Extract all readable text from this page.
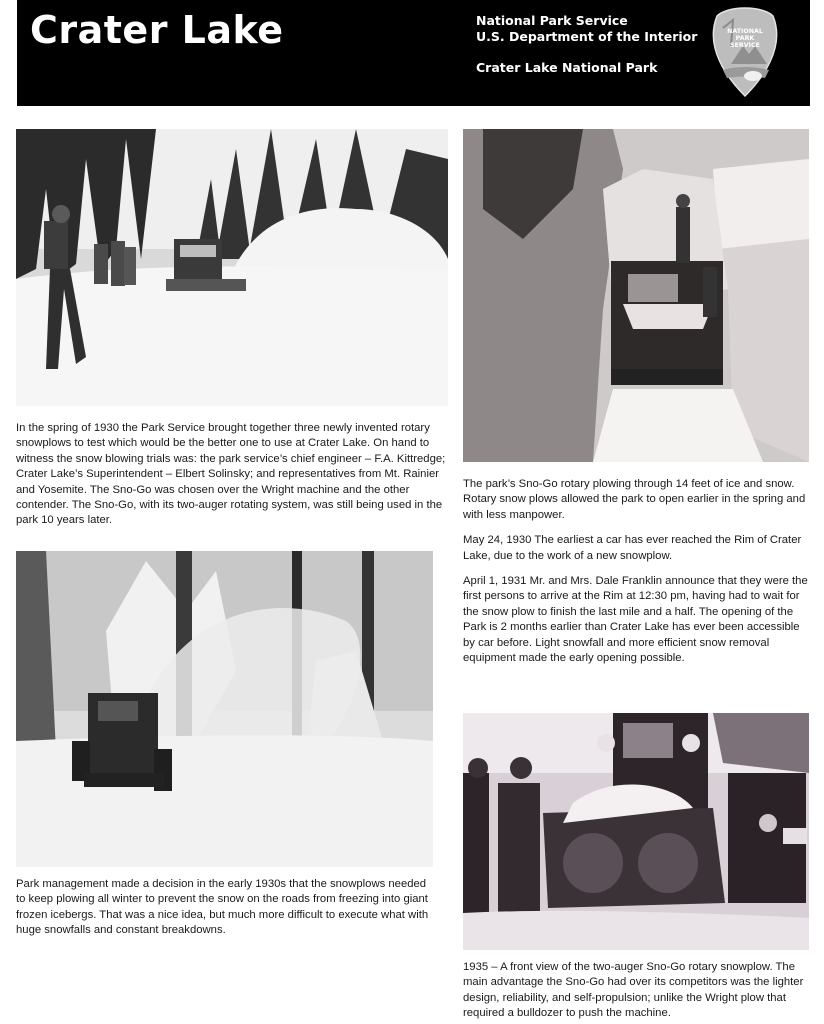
Crater Lake	National Park Service
U.S. Department of the Interior
Crater Lake National Park
NATIONAL
PARK
SERVICE

In the spring of 1930 the Park Service brought together three newly invented rotary snowplows to test which would be the better one to use at Crater Lake. On hand to witness the snow blowing trials was: the park service’s chief engineer – F.A. Kittredge; Crater Lake’s Superintendent – Elbert Solinsky; and representatives from Mt. Rainier and Yosemite. The Sno-Go was chosen over the Wright machine and the other contender. The Sno-Go, with its two-auger rotating system, was still being used in the park 10 years later.

The park’s Sno-Go rotary plowing through 14 feet of ice and snow. Rotary snow plows allowed the park to open earlier in the spring and with less manpower.

May 24, 1930 The earliest a car has ever reached the Rim of Crater Lake, due to the work of a new snowplow.

April 1, 1931 Mr. and Mrs. Dale Franklin announce that they were the first persons to arrive at the Rim at 12:30 pm, having had to wait for the snow plow to finish the last mile and a half. The opening of the Park is 2 months earlier than Crater Lake has ever been accessible by car before. Light snowfall and more efficient snow removal equipment made the early opening possible.

Park management made a decision in the early 1930s that the snowplows needed to keep plowing all winter to prevent the snow on the roads from freezing into giant frozen icebergs. That was a nice idea, but much more difficult to execute what with huge snowfalls and constant breakdowns.

1935 – A front view of the two-auger Sno-Go rotary snowplow. The main advantage the Sno-Go had over its competitors was the lighter design, reliability, and self-propulsion; unlike the Wright plow that required a bulldozer to push the machine.
